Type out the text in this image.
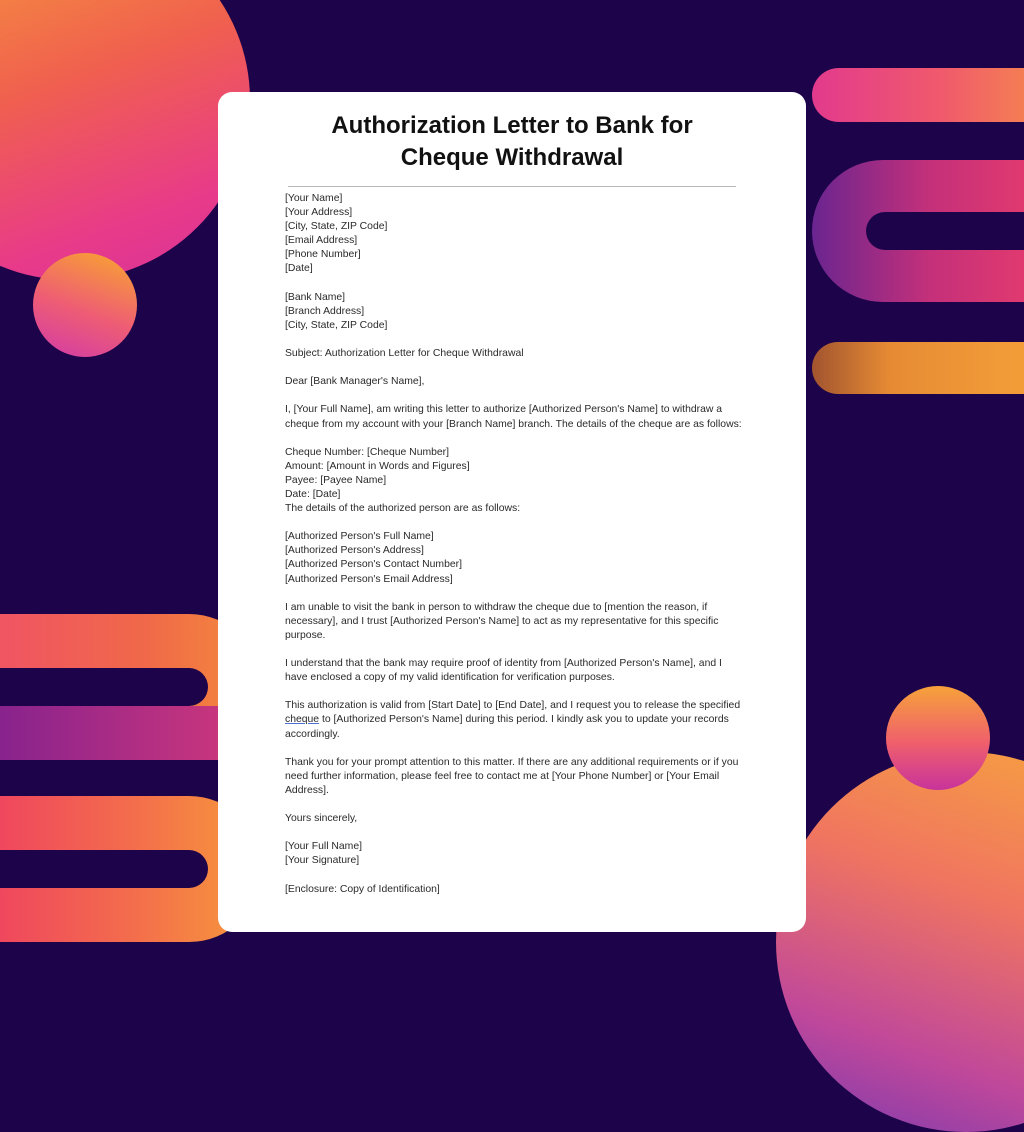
Authorization Letter to Bank for
Cheque Withdrawal
[Your Name]
[Your Address]
[City, State, ZIP Code]
[Email Address]
[Phone Number]
[Date]
[Bank Name]
[Branch Address]
[City, State, ZIP Code]
Subject: Authorization Letter for Cheque Withdrawal
Dear [Bank Manager's Name],
I, [Your Full Name], am writing this letter to authorize [Authorized Person's Name] to withdraw a cheque from my account with your [Branch Name] branch. The details of the cheque are as follows:
Cheque Number: [Cheque Number]
Amount: [Amount in Words and Figures]
Payee: [Payee Name]
Date: [Date]
The details of the authorized person are as follows:
[Authorized Person's Full Name]
[Authorized Person's Address]
[Authorized Person's Contact Number]
[Authorized Person's Email Address]
I am unable to visit the bank in person to withdraw the cheque due to [mention the reason, if necessary], and I trust [Authorized Person's Name] to act as my representative for this specific purpose.
I understand that the bank may require proof of identity from [Authorized Person's Name], and I have enclosed a copy of my valid identification for verification purposes.
This authorization is valid from [Start Date] to [End Date], and I request you to release the specified cheque to [Authorized Person's Name] during this period. I kindly ask you to update your records accordingly.
Thank you for your prompt attention to this matter. If there are any additional requirements or if you need further information, please feel free to contact me at [Your Phone Number] or [Your Email Address].
Yours sincerely,
[Your Full Name]
[Your Signature]
[Enclosure: Copy of Identification]
